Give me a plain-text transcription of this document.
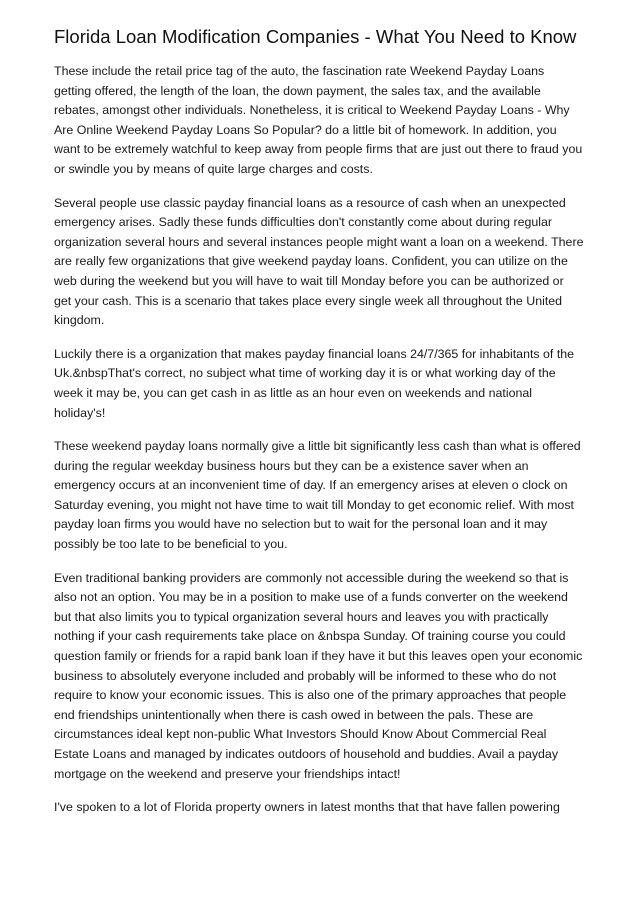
Florida Loan Modification Companies - What You Need to Know

These include the retail price tag of the auto, the fascination rate Weekend Payday Loans getting offered, the length of the loan, the down payment, the sales tax, and the available rebates, amongst other individuals. Nonetheless, it is critical to Weekend Payday Loans - Why Are Online Weekend Payday Loans So Popular? do a little bit of homework. In addition, you want to be extremely watchful to keep away from people firms that are just out there to fraud you or swindle you by means of quite large charges and costs.

Several people use classic payday financial loans as a resource of cash when an unexpected emergency arises. Sadly these funds difficulties don't constantly come about during regular organization several hours and several instances people might want a loan on a weekend. There are really few organizations that give weekend payday loans. Confident, you can utilize on the web during the weekend but you will have to wait till Monday before you can be authorized or get your cash. This is a scenario that takes place every single week all throughout the United kingdom.

Luckily there is a organization that makes payday financial loans 24/7/365 for inhabitants of the Uk.&nbspThat's correct, no subject what time of working day it is or what working day of the week it may be, you can get cash in as little as an hour even on weekends and national holiday's!

These weekend payday loans normally give a little bit significantly less cash than what is offered during the regular weekday business hours but they can be a existence saver when an emergency occurs at an inconvenient time of day. If an emergency arises at eleven o clock on Saturday evening, you might not have time to wait till Monday to get economic relief. With most payday loan firms you would have no selection but to wait for the personal loan and it may possibly be too late to be beneficial to you.

Even traditional banking providers are commonly not accessible during the weekend so that is also not an option. You may be in a position to make use of a funds converter on the weekend but that also limits you to typical organization several hours and leaves you with practically nothing if your cash requirements take place on &nbspa Sunday. Of training course you could question family or friends for a rapid bank loan if they have it but this leaves open your economic business to absolutely everyone included and probably will be informed to these who do not require to know your economic issues. This is also one of the primary approaches that people end friendships unintentionally when there is cash owed in between the pals. These are circumstances ideal kept non-public What Investors Should Know About Commercial Real Estate Loans and managed by indicates outdoors of household and buddies. Avail a payday mortgage on the weekend and preserve your friendships intact!

I've spoken to a lot of Florida property owners in latest months that that have fallen powering
